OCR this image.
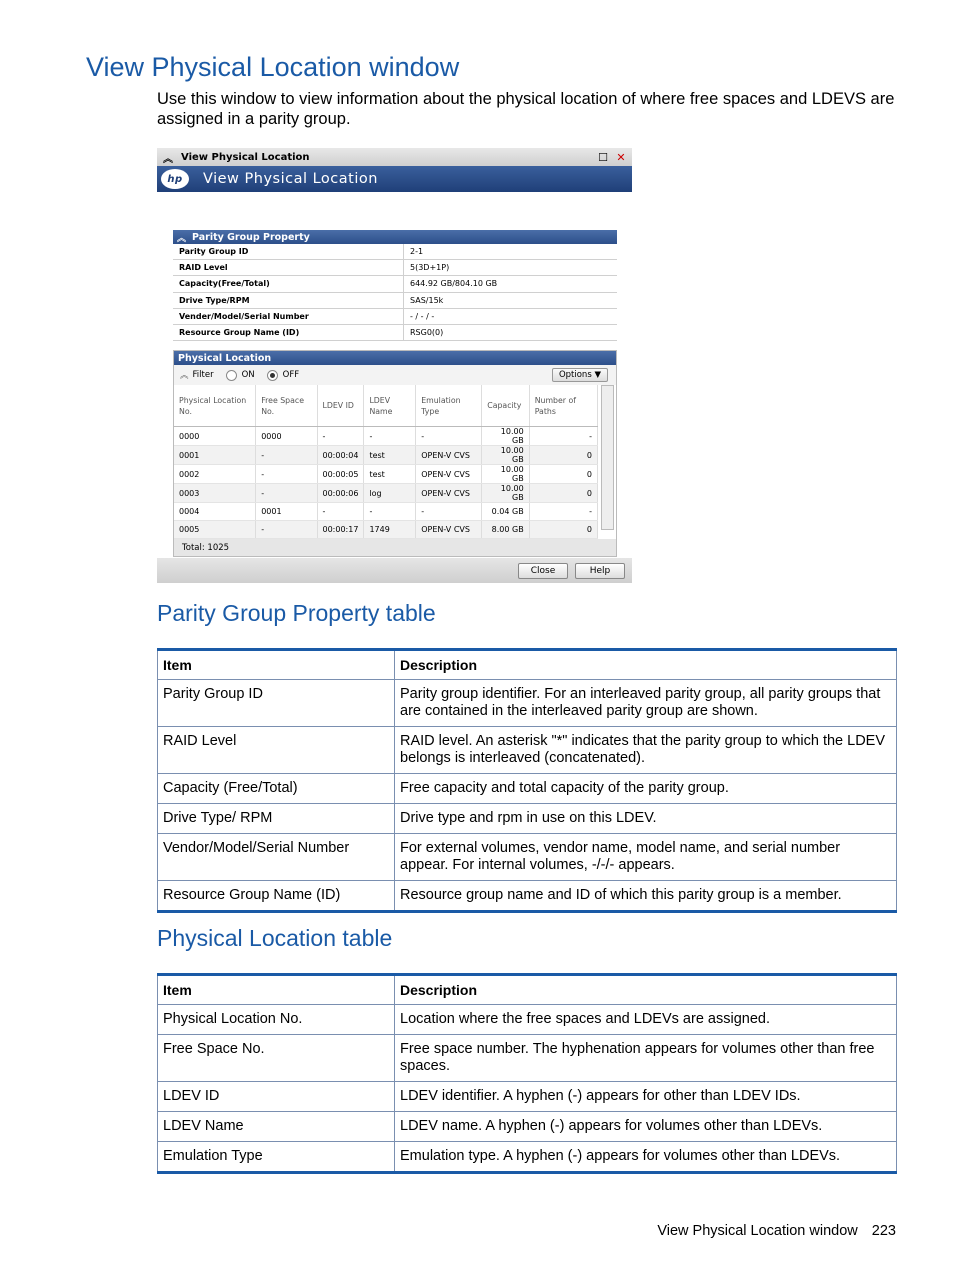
View Physical Location window
Use this window to view information about the physical location of where free spaces and LDEVS are assigned in a parity group.
︽ View Physical Location	☐ ✕
hp	View Physical Location
︽ Parity Group Property
Parity Group ID	2-1
RAID Level	5(3D+1P)
Capacity(Free/Total)	644.92 GB/804.10 GB
Drive Type/RPM	SAS/15k
Vender/Model/Serial Number	- / - / -
Resource Group Name (ID)	RSG0(0)
Physical Location
︽ Filter	ON	OFF	Options ▼
Physical Location No.	Free Space No.	LDEV ID	LDEV Name	Emulation Type	Capacity	Number of Paths
0000	0000	-	-	-	10.00 GB	-
0001	-	00:00:04	test	OPEN-V CVS	10.00 GB	0
0002	-	00:00:05	test	OPEN-V CVS	10.00 GB	0
0003	-	00:00:06	log	OPEN-V CVS	10.00 GB	0
0004	0001	-	-	-	0.04 GB	-
0005	-	00:00:17	1749	OPEN-V CVS	8.00 GB	0
Total: 1025
Close	Help
Parity Group Property table
Item	Description
Parity Group ID	Parity group identifier. For an interleaved parity group, all parity groups that are contained in the interleaved parity group are shown.
RAID Level	RAID level. An asterisk "*" indicates that the parity group to which the LDEV belongs is interleaved (concatenated).
Capacity (Free/Total)	Free capacity and total capacity of the parity group.
Drive Type/ RPM	Drive type and rpm in use on this LDEV.
Vendor/Model/Serial Number	For external volumes, vendor name, model name, and serial number appear. For internal volumes, -/-/- appears.
Resource Group Name (ID)	Resource group name and ID of which this parity group is a member.
Physical Location table
Item	Description
Physical Location No.	Location where the free spaces and LDEVs are assigned.
Free Space No.	Free space number. The hyphenation appears for volumes other than free spaces.
LDEV ID	LDEV identifier. A hyphen (-) appears for other than LDEV IDs.
LDEV Name	LDEV name. A hyphen (-) appears for volumes other than LDEVs.
Emulation Type	Emulation type. A hyphen (-) appears for volumes other than LDEVs.
View Physical Location window 223
